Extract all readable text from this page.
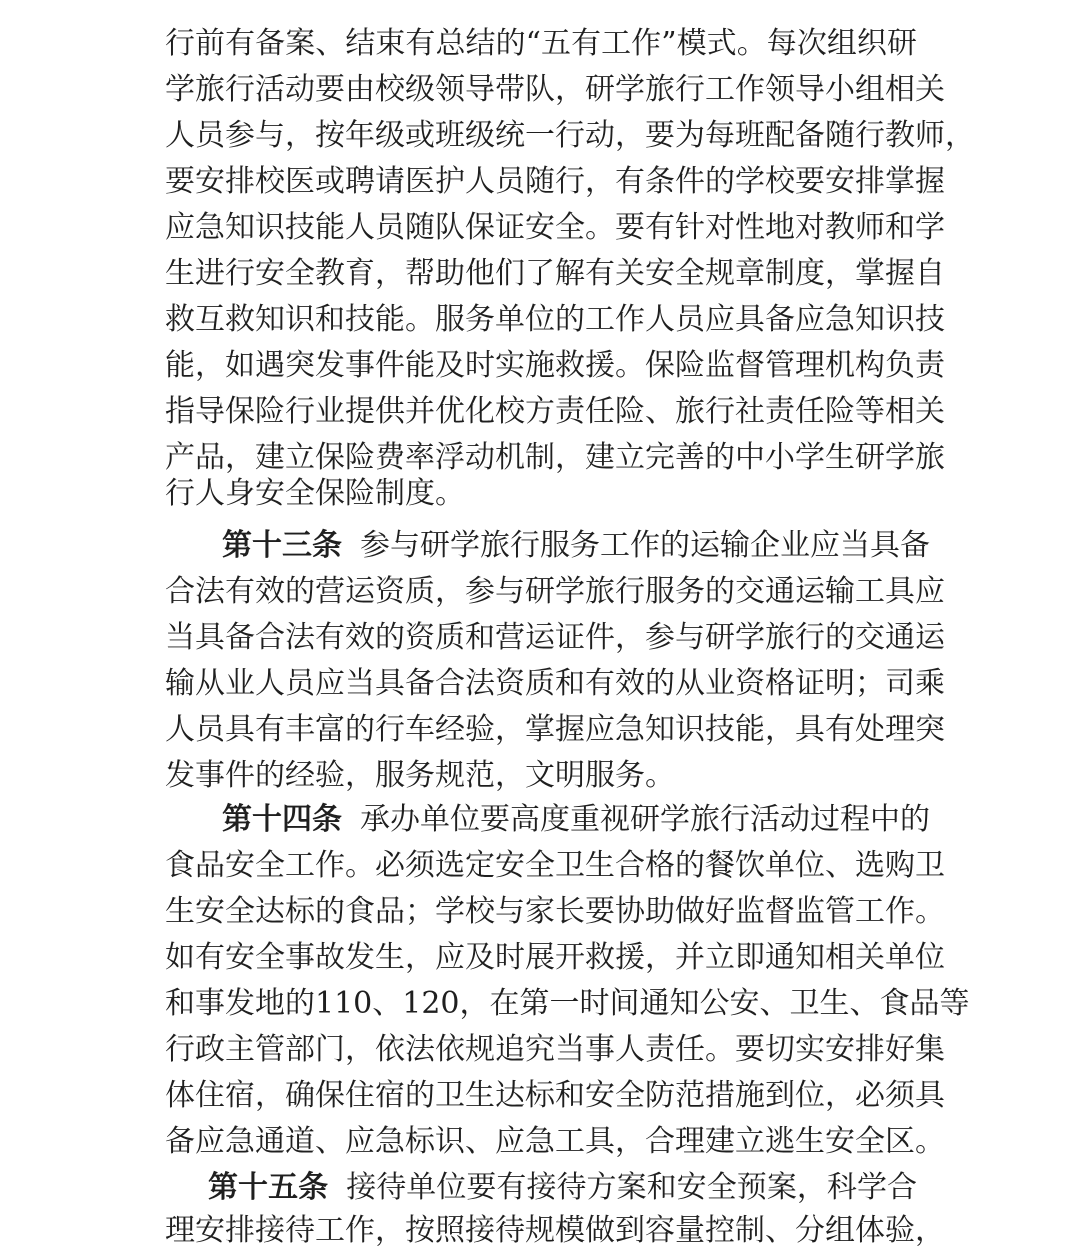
行前有备案、结束有总结的“五有工作”模式。每次组织研
学旅行活动要由校级领导带队，研学旅行工作领导小组相关
人员参与，按年级或班级统一行动，要为每班配备随行教师，
要安排校医或聘请医护人员随行，有条件的学校要安排掌握
应急知识技能人员随队保证安全。要有针对性地对教师和学
生进行安全教育，帮助他们了解有关安全规章制度，掌握自
救互救知识和技能。服务单位的工作人员应具备应急知识技
能，如遇突发事件能及时实施救援。保险监督管理机构负责
指导保险行业提供并优化校方责任险、旅行社责任险等相关
产品，建立保险费率浮动机制，建立完善的中小学生研学旅
行人身安全保险制度。
第十三条 参与研学旅行服务工作的运输企业应当具备
合法有效的营运资质，参与研学旅行服务的交通运输工具应
当具备合法有效的资质和营运证件，参与研学旅行的交通运
输从业人员应当具备合法资质和有效的从业资格证明；司乘
人员具有丰富的行车经验，掌握应急知识技能，具有处理突
发事件的经验，服务规范，文明服务。
第十四条 承办单位要高度重视研学旅行活动过程中的
食品安全工作。必须选定安全卫生合格的餐饮单位、选购卫
生安全达标的食品；学校与家长要协助做好监督监管工作。
如有安全事故发生，应及时展开救援，并立即通知相关单位
和事发地的110、120，在第一时间通知公安、卫生、食品等
行政主管部门，依法依规追究当事人责任。要切实安排好集
体住宿，确保住宿的卫生达标和安全防范措施到位，必须具
备应急通道、应急标识、应急工具，合理建立逃生安全区。
第十五条 接待单位要有接待方案和安全预案，科学合
理安排接待工作，按照接待规模做到容量控制、分组体验，
